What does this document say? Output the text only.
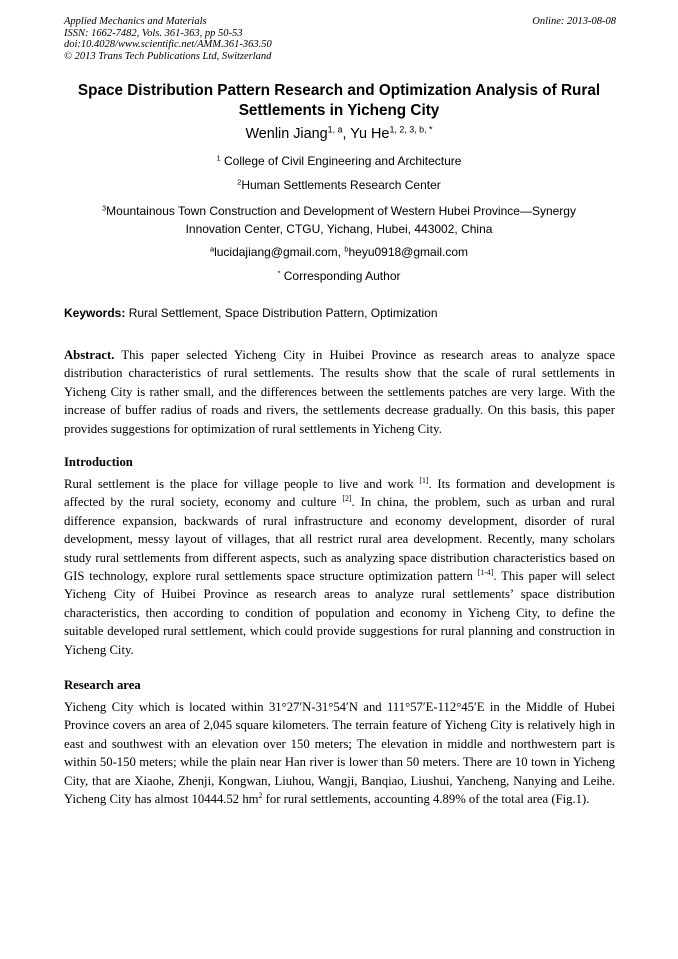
Applied Mechanics and Materials
ISSN: 1662-7482, Vols. 361-363, pp 50-53
doi:10.4028/www.scientific.net/AMM.361-363.50
© 2013 Trans Tech Publications Ltd, Switzerland
Online: 2013-08-08
Space Distribution Pattern Research and Optimization Analysis of Rural
Settlements in Yicheng City
Wenlin Jiang$^{1, a}$, Yu $He^{1, 2, 3, b, *}$
$^1$ College of Civil Engineering and Architecture
$^2$Human Settlements Research Center
$^3$Mountainous Town Construction and Development of Western Hubei Province—Synergy
Innovation Center, CTGU, Yichang, Hubei, 443002, China
$^a$lucidajiang@gmail.com, $^b$heyu0918@gmail.com
* Corresponding Author
Keywords: Rural Settlement, Space Distribution Pattern, Optimization
Abstract. This paper selected Yicheng City in Huibei Province as research areas to analyze space distribution characteristics of rural settlements. The results show that the scale of rural settlements in Yicheng City is rather small, and the differences between the settlements patches are very large. With the increase of buffer radius of roads and rivers, the settlements decrease gradually. On this basis, this paper provides suggestions for optimization of rural settlements in Yicheng City.
Introduction
Rural settlement is the place for village people to live and work [1]. Its formation and development is affected by the rural society, economy and culture [2]. In china, the problem, such as urban and rural difference expansion, backwards of rural infrastructure and economy development, disorder of rural development, messy layout of villages, that all restrict rural area development. Recently, many scholars study rural settlements from different aspects, such as analyzing space distribution characteristics based on GIS technology, explore rural settlements space structure optimization pattern [1-4]. This paper will select Yicheng City of Huibei Province as research areas to analyze rural settlements’ space distribution characteristics, then according to condition of population and economy in Yicheng City, to define the suitable developed rural settlement, which could provide suggestions for rural planning and construction in Yicheng City.
Research area
Yicheng City which is located within 31°27′N-31°54′N and 111°57′E-112°45′E in the Middle of Hubei Province covers an area of 2,045 square kilometers. The terrain feature of Yicheng City is relatively high in east and southwest with an elevation over 150 meters; The elevation in middle and northwestern part is within 50-150 meters; while the plain near Han river is lower than 50 meters. There are 10 town in Yicheng City, that are Xiaohe, Zhenji, Kongwan, Liuhou, Wangji, Banqiao, Liushui, Yancheng, Nanying and Leihe. Yicheng City has almost 10444.52 $hm^2$ for rural settlements, accounting 4.89% of the total area (Fig.1).
